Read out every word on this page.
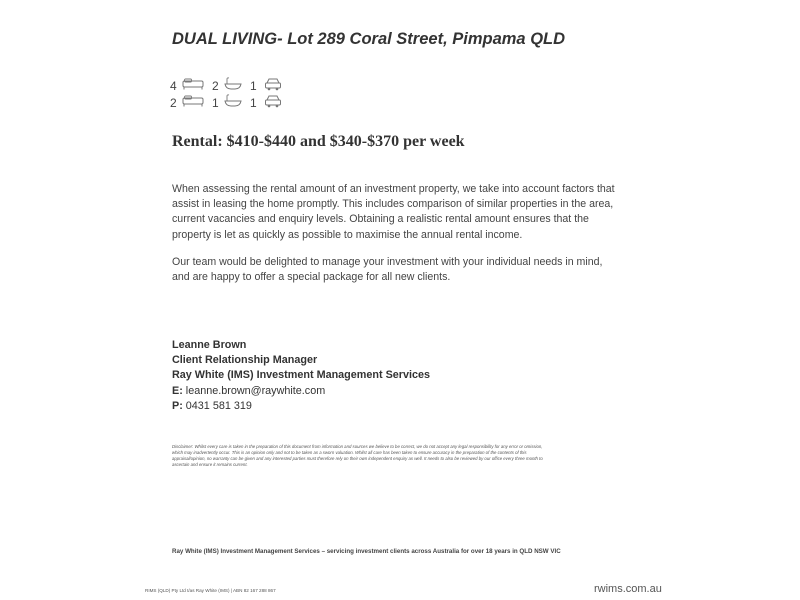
DUAL LIVING- Lot 289 Coral Street, Pimpama QLD
4	2	1
2	1	1
Rental: $410-$440 and $340-$370 per week
When assessing the rental amount of an investment property, we take into account factors that assist in leasing the home promptly. This includes comparison of similar properties in the area, current vacancies and enquiry levels. Obtaining a realistic rental amount ensures that the property is let as quickly as possible to maximise the annual rental income.
Our team would be delighted to manage your investment with your individual needs in mind, and are happy to offer a special package for all new clients.
Leanne Brown
Client Relationship Manager
Ray White (IMS) Investment Management Services
E: leanne.brown@raywhite.com
P: 0431 581 319
Disclaimer: Whilst every care is taken in the preparation of this document from information and sources we believe to be correct, we do not accept any legal responsibility for any error or omission, which may inadvertently occur. This is an opinion only and not to be taken as a sworn valuation. Whilst all care has been taken to ensure accuracy in the preparation of the contents of this appraisal/opinion, no warranty can be given and any interested parties must therefore rely on their own independent enquiry as well. It needs to also be reviewed by our office every three month to ascertain and ensure it remains current.
Ray White (IMS) Investment Management Services – servicing investment clients across Australia for over 18 years in QLD NSW VIC
RIMS (QLD) Pty Ltd t/as Ray White (IMS) | ABN 82 167 288 867	rwims.com.au
